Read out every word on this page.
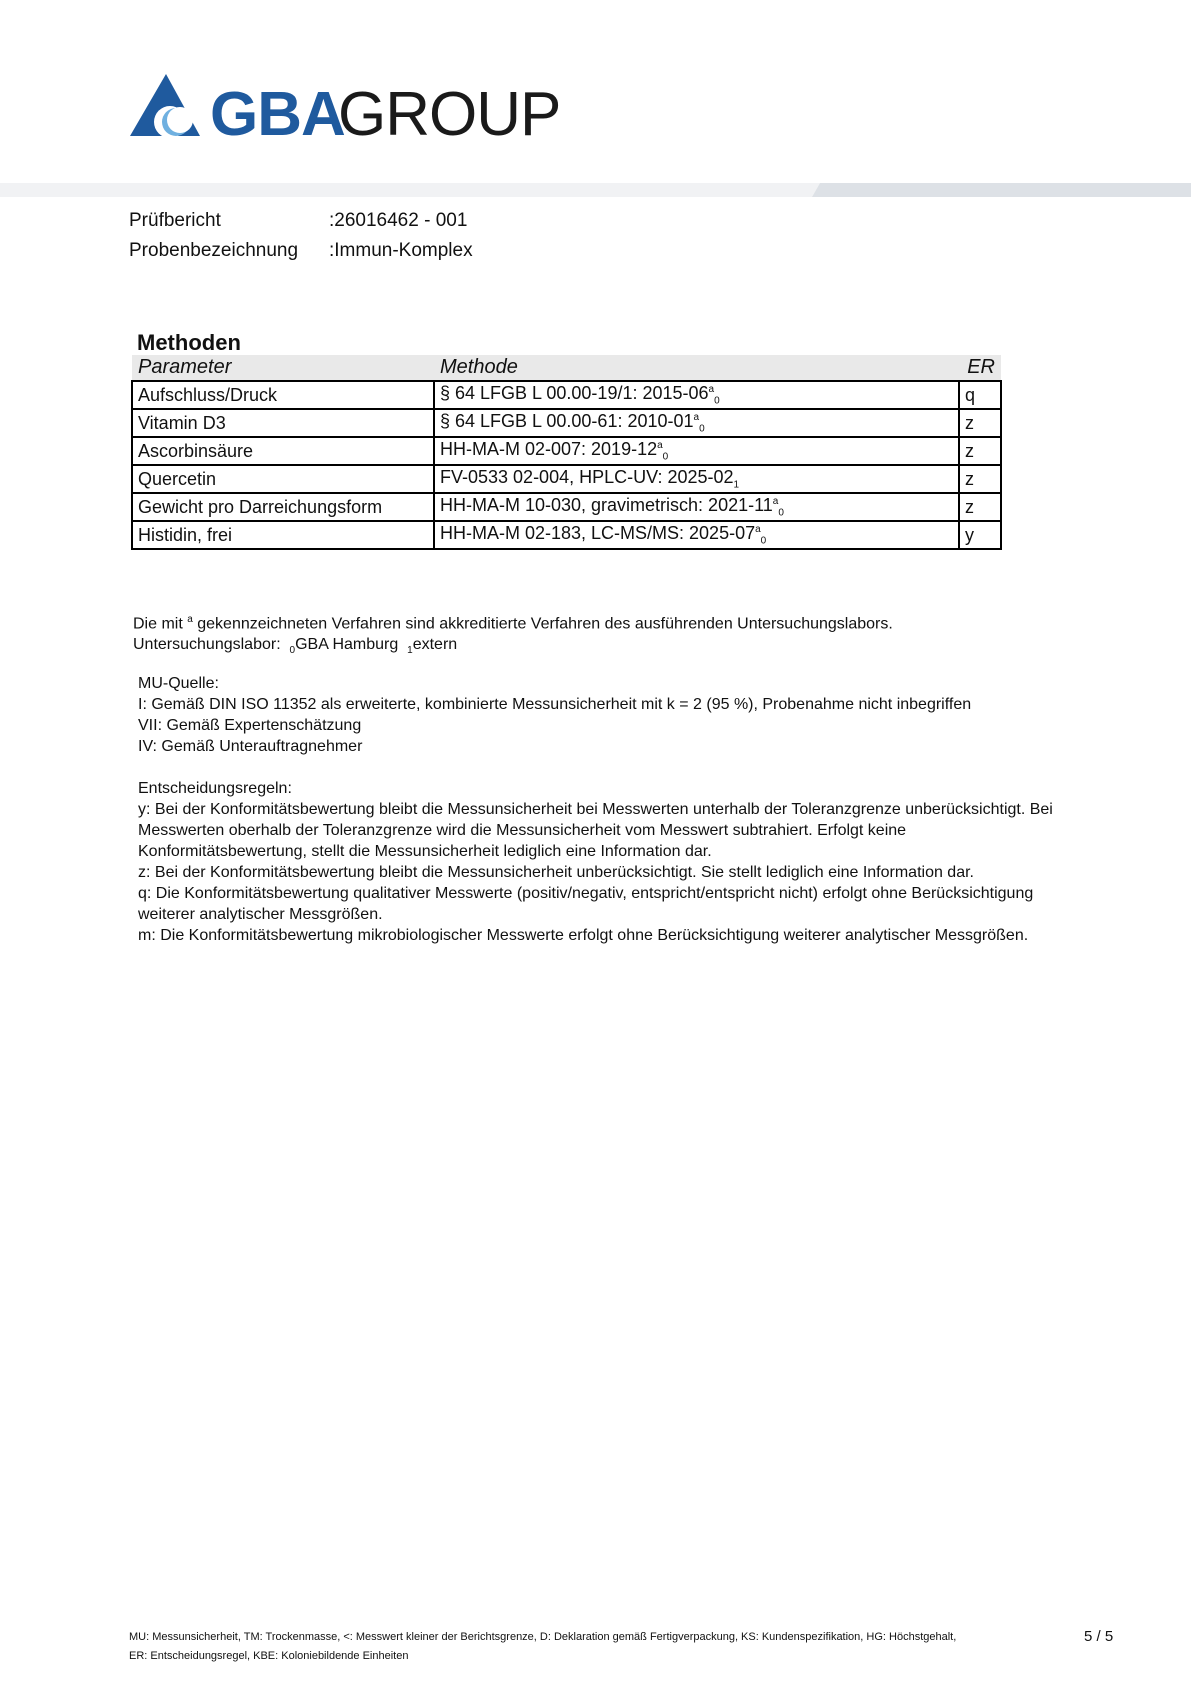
GBA
GROUP
Prüfbericht	:26016462 - 001
Probenbezeichnung :Immun-Komplex
Methoden
Parameter	Methode	ER
Aufschluss/Druck	§ 64 LFGB L 00.00-19/1: $2015-06^a_0$	q
Vitamin D3	§ 64 LFGB L 00.00-61: $2010-01^a_0$	z
Ascorbinsäure	HH-MA-M 02-007: $2019-12^a_0$	z
Quercetin	FV-0533 02-004, HPLC-UV: $2025-02_1$	z
Gewicht pro Darreichungsform	HH-MA-M 10-030, gravimetrisch: $2021-11^a_0$	z
Histidin, frei	HH-MA-M 02-183, LC-MS/MS: $2025-07^a_0$	y
Die mit $^a$ gekennzeichneten Verfahren sind akkreditierte Verfahren des ausführenden Untersuchungslabors.
Untersuchungslabor: $_0$GBA Hamburg $_1$extern
MU-Quelle:
I: Gemäß DIN ISO 11352 als erweiterte, kombinierte Messunsicherheit mit k = 2 (95 %), Probenahme nicht inbegriffen
VII: Gemäß Expertenschätzung
IV: Gemäß Unterauftragnehmer
Entscheidungsregeln:
y: Bei der Konformitätsbewertung bleibt die Messunsicherheit bei Messwerten unterhalb der Toleranzgrenze unberücksichtigt. Bei
Messwerten oberhalb der Toleranzgrenze wird die Messunsicherheit vom Messwert subtrahiert. Erfolgt keine
Konformitätsbewertung, stellt die Messunsicherheit lediglich eine Information dar.
z: Bei der Konformitätsbewertung bleibt die Messunsicherheit unberücksichtigt. Sie stellt lediglich eine Information dar.
q: Die Konformitätsbewertung qualitativer Messwerte (positiv/negativ, entspricht/entspricht nicht) erfolgt ohne Berücksichtigung
weiterer analytischer Messgrößen.
m: Die Konformitätsbewertung mikrobiologischer Messwerte erfolgt ohne Berücksichtigung weiterer analytischer Messgrößen.
MU: Messunsicherheit, TM: Trockenmasse, <: Messwert kleiner der Berichtsgrenze, D: Deklaration gemäß Fertigverpackung, KS: Kundenspezifikation, HG: Höchstgehalt,
ER: Entscheidungsregel, KBE: Koloniebildende Einheiten
5 / 5
